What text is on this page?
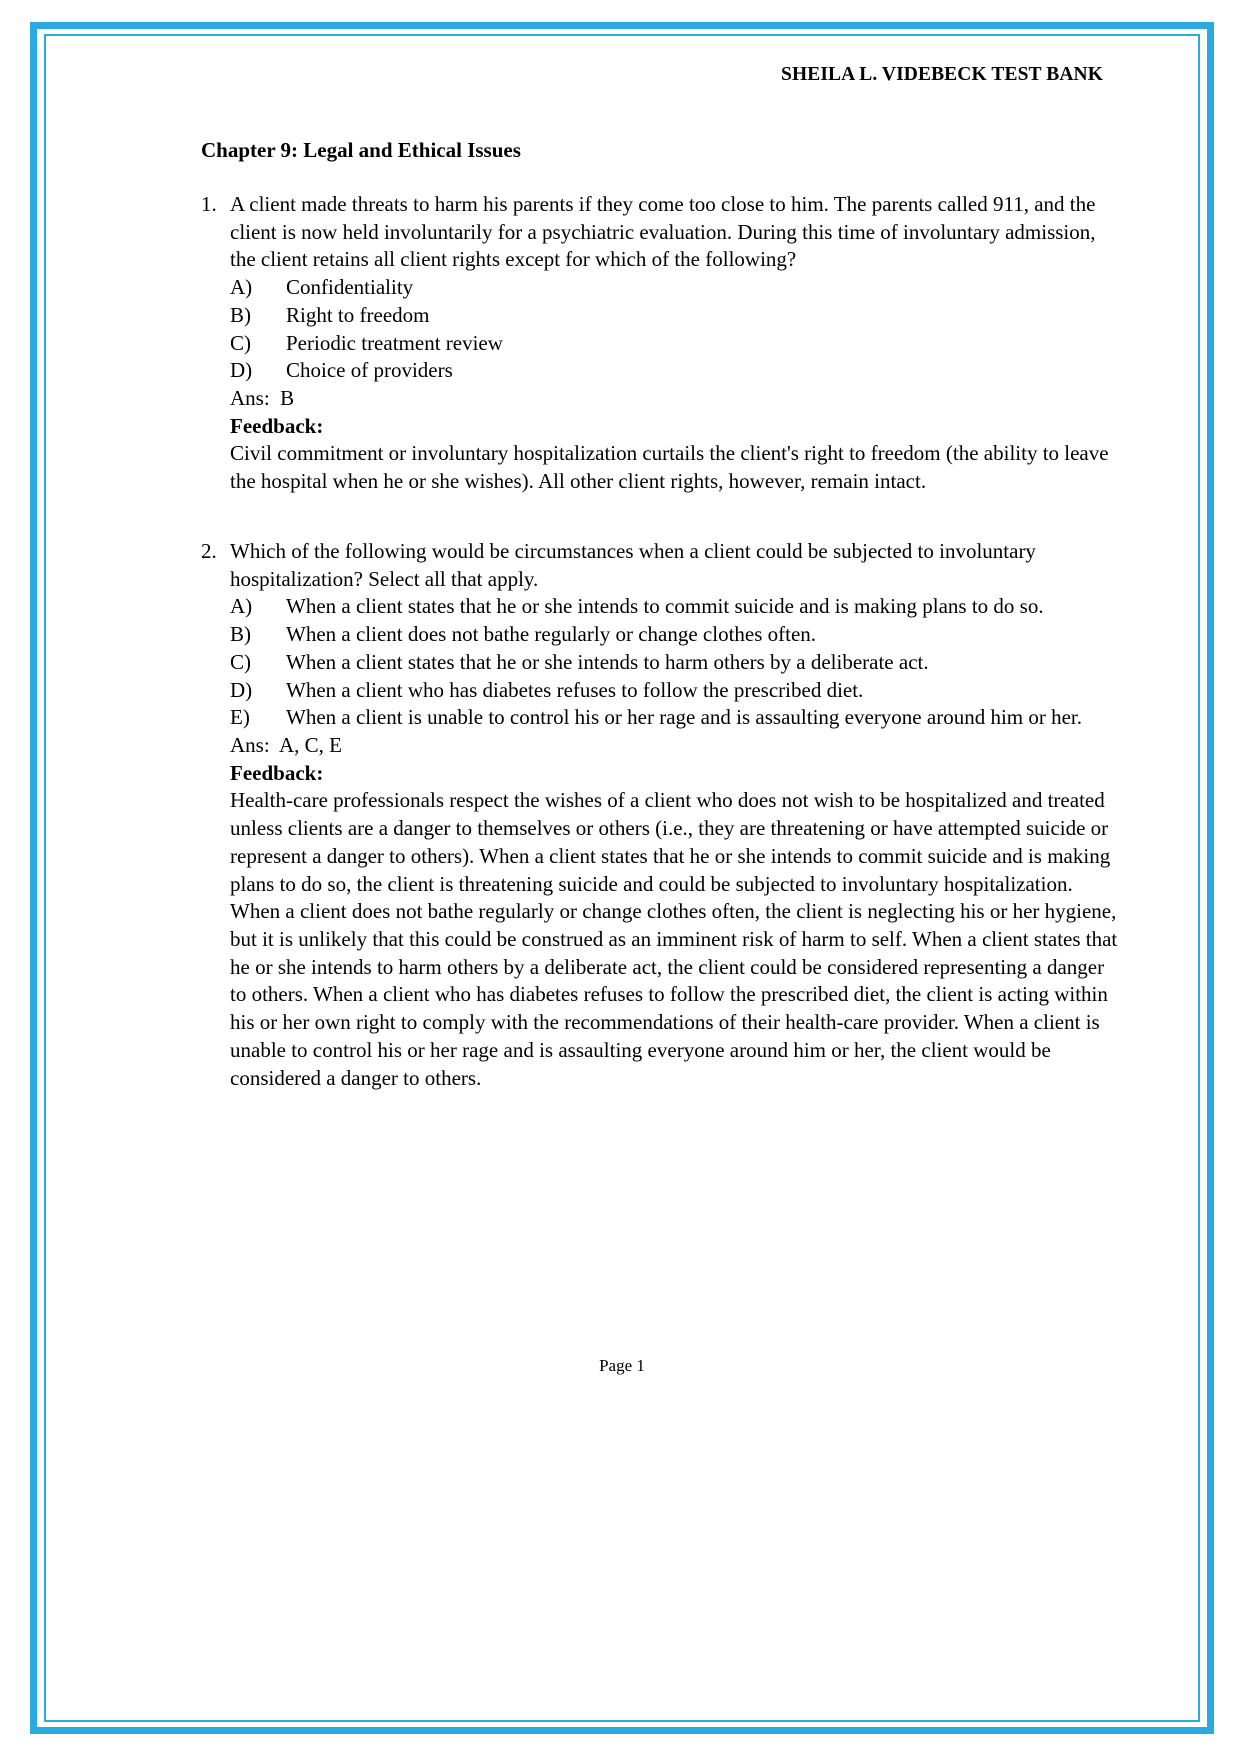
SHEILA L. VIDEBECK TEST BANK
Chapter 9: Legal and Ethical Issues
1. A client made threats to harm his parents if they come too close to him. The parents called 911, and the client is now held involuntarily for a psychiatric evaluation. During this time of involuntary admission, the client retains all client rights except for which of the following?
A)	Confidentiality
B)	Right to freedom
C)	Periodic treatment review
D)	Choice of providers
Ans:  B
Feedback:
Civil commitment or involuntary hospitalization curtails the client's right to freedom (the ability to leave the hospital when he or she wishes). All other client rights, however, remain intact.
2. Which of the following would be circumstances when a client could be subjected to involuntary hospitalization? Select all that apply.
A)	When a client states that he or she intends to commit suicide and is making plans to do so.
B)	When a client does not bathe regularly or change clothes often.
C)	When a client states that he or she intends to harm others by a deliberate act.
D)	When a client who has diabetes refuses to follow the prescribed diet.
E)	When a client is unable to control his or her rage and is assaulting everyone around him or her.
Ans:  A, C, E
Feedback:
Health-care professionals respect the wishes of a client who does not wish to be hospitalized and treated unless clients are a danger to themselves or others (i.e., they are threatening or have attempted suicide or represent a danger to others). When a client states that he or she intends to commit suicide and is making plans to do so, the client is threatening suicide and could be subjected to involuntary hospitalization. When a client does not bathe regularly or change clothes often, the client is neglecting his or her hygiene, but it is unlikely that this could be construed as an imminent risk of harm to self. When a client states that he or she intends to harm others by a deliberate act, the client could be considered representing a danger to others. When a client who has diabetes refuses to follow the prescribed diet, the client is acting within his or her own right to comply with the recommendations of their health-care provider. When a client is unable to control his or her rage and is assaulting everyone around him or her, the client would be considered a danger to others.
Page 1
